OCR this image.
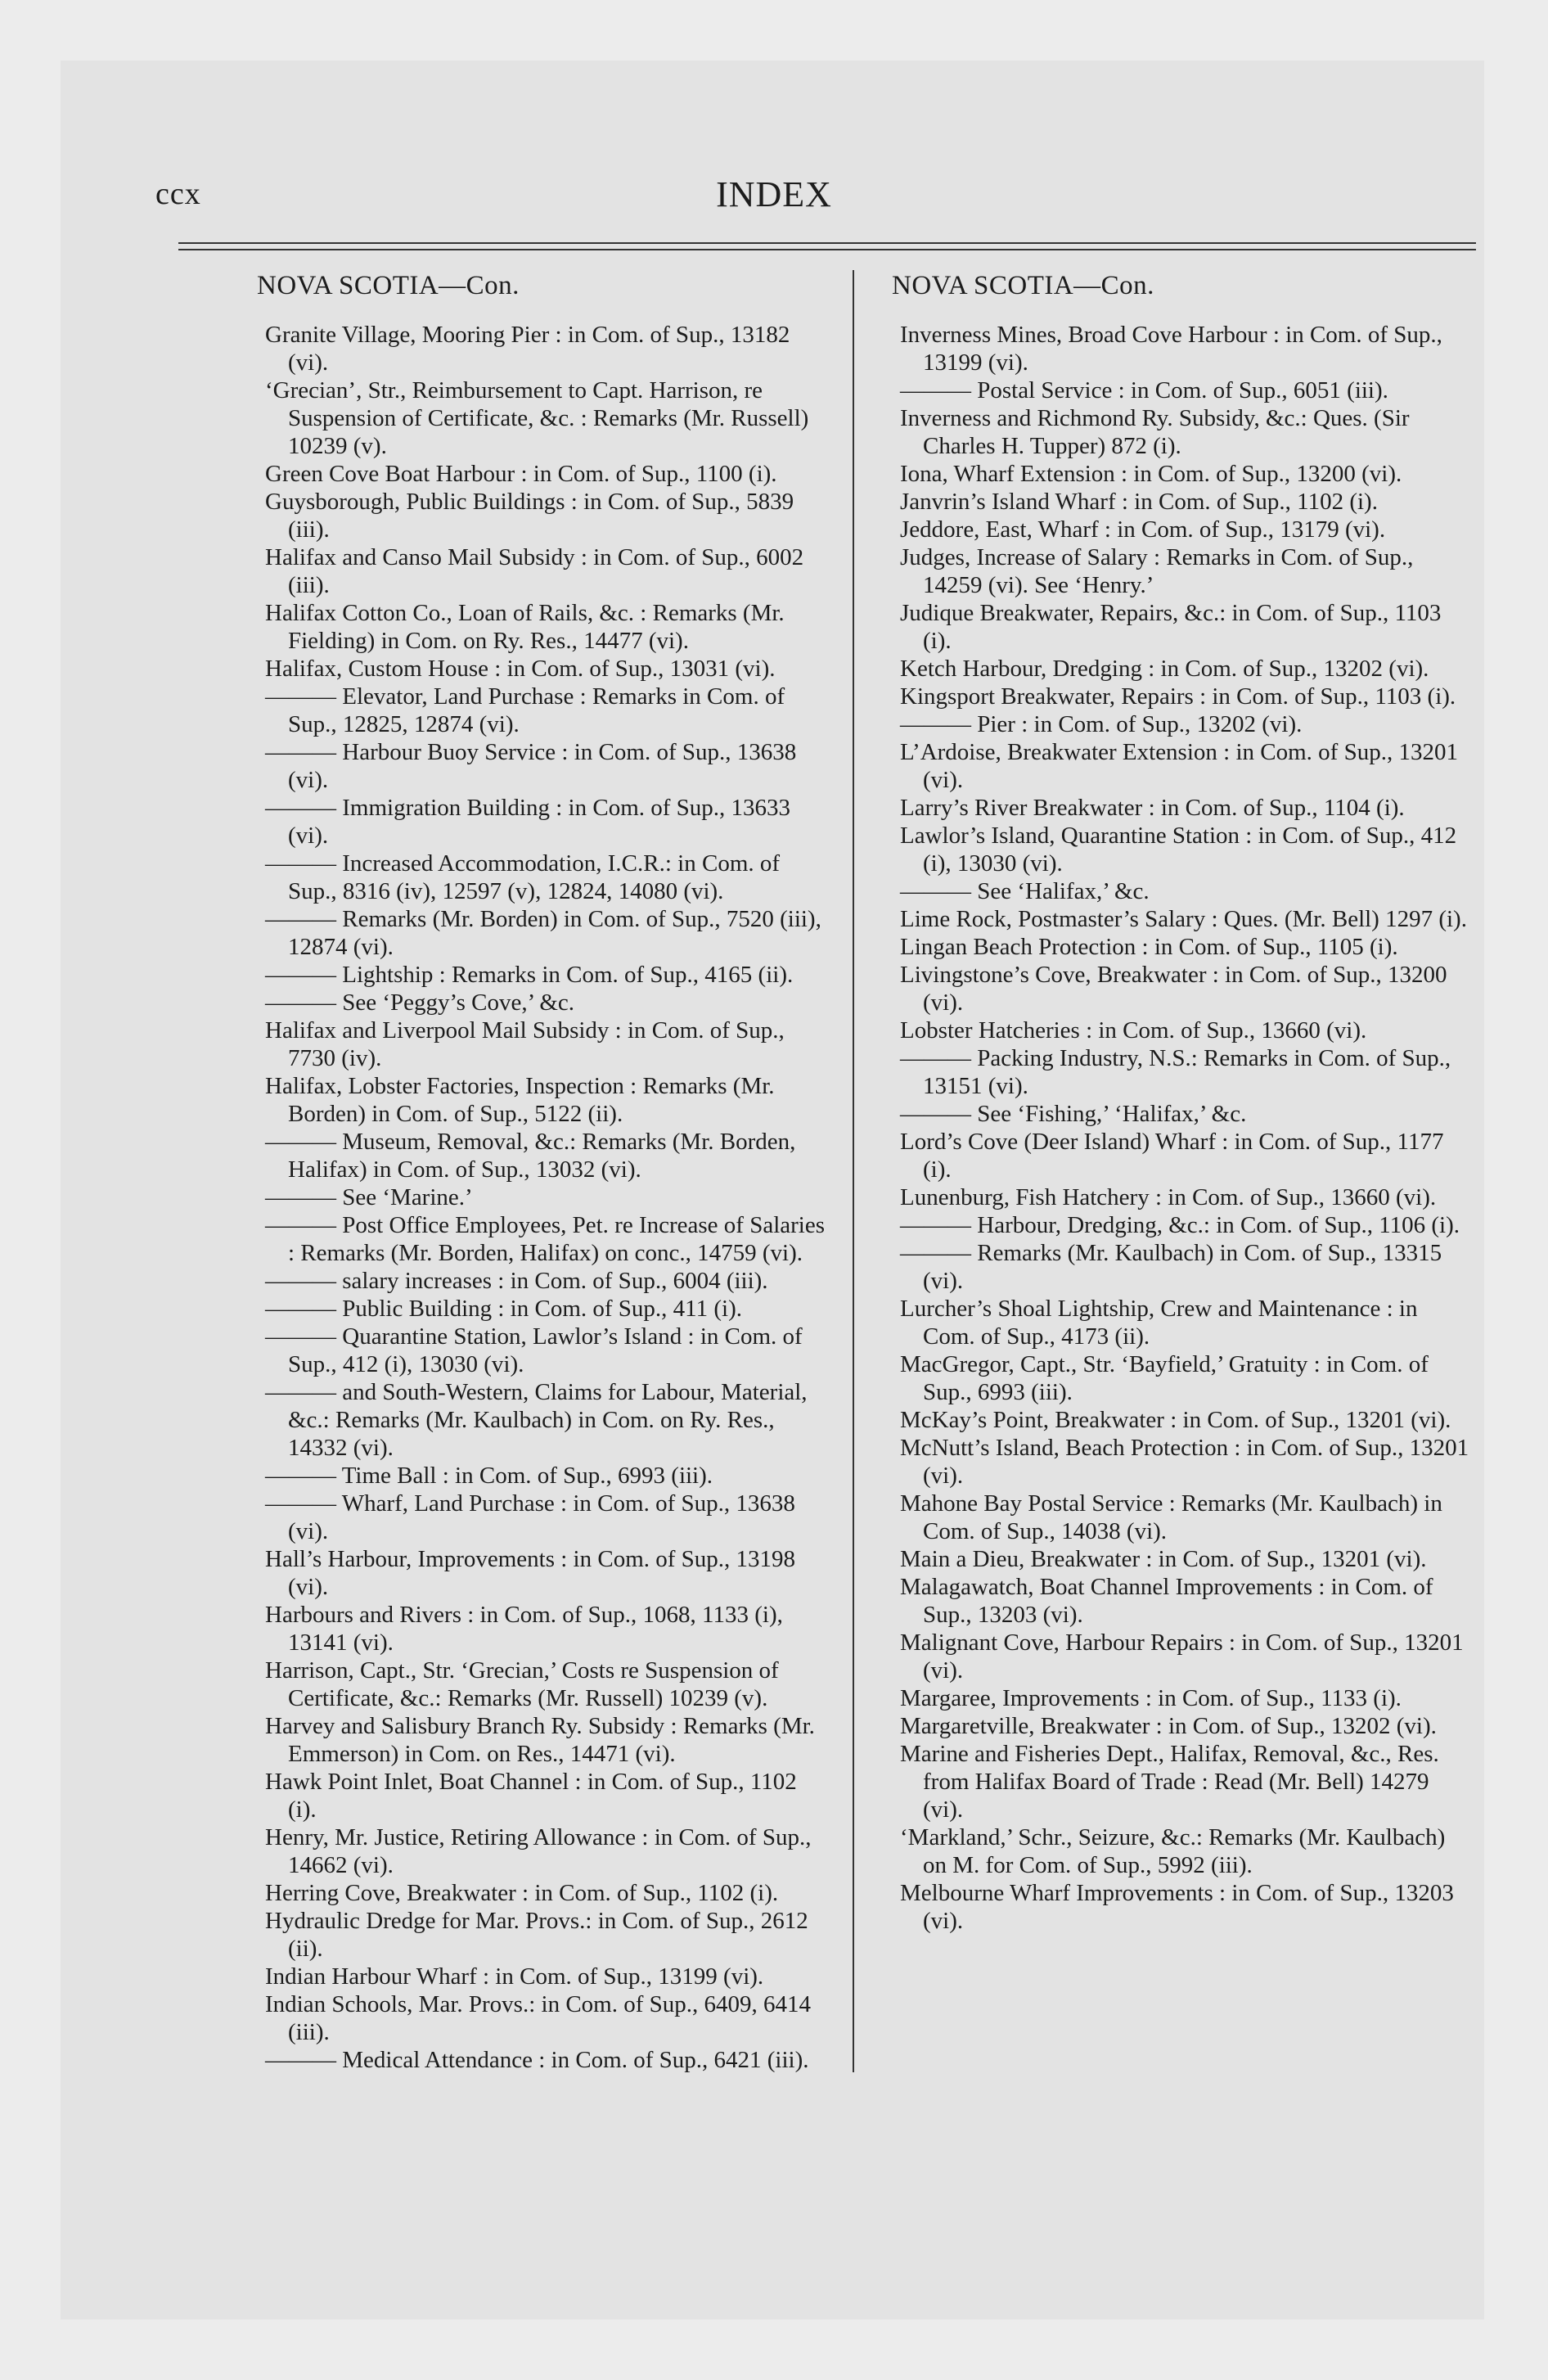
ccx	INDEX
NOVA SCOTIA—Con.

Granite Village, Mooring Pier : in Com. of Sup., 13182 (vi).

‘Grecian’, Str., Reimbursement to Capt. Harrison, re Suspension of Certificate, &c. : Remarks (Mr. Russell) 10239 (v).

Green Cove Boat Harbour : in Com. of Sup., 1100 (i).

Guysborough, Public Buildings : in Com. of Sup., 5839 (iii).

Halifax and Canso Mail Subsidy : in Com. of Sup., 6002 (iii).

Halifax Cotton Co., Loan of Rails, &c. : Remarks (Mr. Fielding) in Com. on Ry. Res., 14477 (vi).

Halifax, Custom House : in Com. of Sup., 13031 (vi).

——— Elevator, Land Purchase : Remarks in Com. of Sup., 12825, 12874 (vi).

——— Harbour Buoy Service : in Com. of Sup., 13638 (vi).

——— Immigration Building : in Com. of Sup., 13633 (vi).

——— Increased Accommodation, I.C.R.: in Com. of Sup., 8316 (iv), 12597 (v), 12824, 14080 (vi).

——— Remarks (Mr. Borden) in Com. of Sup., 7520 (iii), 12874 (vi).

——— Lightship : Remarks in Com. of Sup., 4165 (ii).

——— See ‘Peggy’s Cove,’ &c.

Halifax and Liverpool Mail Subsidy : in Com. of Sup., 7730 (iv).

Halifax, Lobster Factories, Inspection : Remarks (Mr. Borden) in Com. of Sup., 5122 (ii).

——— Museum, Removal, &c.: Remarks (Mr. Borden, Halifax) in Com. of Sup., 13032 (vi).

——— See ‘Marine.’

——— Post Office Employees, Pet. re Increase of Salaries : Remarks (Mr. Borden, Halifax) on conc., 14759 (vi).

——— salary increases : in Com. of Sup., 6004 (iii).

——— Public Building : in Com. of Sup., 411 (i).

——— Quarantine Station, Lawlor’s Island : in Com. of Sup., 412 (i), 13030 (vi).

——— and South-Western, Claims for Labour, Material, &c.: Remarks (Mr. Kaulbach) in Com. on Ry. Res., 14332 (vi).

——— Time Ball : in Com. of Sup., 6993 (iii).

——— Wharf, Land Purchase : in Com. of Sup., 13638 (vi).

Hall’s Harbour, Improvements : in Com. of Sup., 13198 (vi).

Harbours and Rivers : in Com. of Sup., 1068, 1133 (i), 13141 (vi).

Harrison, Capt., Str. ‘Grecian,’ Costs re Suspension of Certificate, &c.: Remarks (Mr. Russell) 10239 (v).

Harvey and Salisbury Branch Ry. Subsidy : Remarks (Mr. Emmerson) in Com. on Res., 14471 (vi).

Hawk Point Inlet, Boat Channel : in Com. of Sup., 1102 (i).

Henry, Mr. Justice, Retiring Allowance : in Com. of Sup., 14662 (vi).

Herring Cove, Breakwater : in Com. of Sup., 1102 (i).

Hydraulic Dredge for Mar. Provs.: in Com. of Sup., 2612 (ii).

Indian Harbour Wharf : in Com. of Sup., 13199 (vi).

Indian Schools, Mar. Provs.: in Com. of Sup., 6409, 6414 (iii).

——— Medical Attendance : in Com. of Sup., 6421 (iii).

NOVA SCOTIA—Con.

Inverness Mines, Broad Cove Harbour : in Com. of Sup., 13199 (vi).

——— Postal Service : in Com. of Sup., 6051 (iii).

Inverness and Richmond Ry. Subsidy, &c.: Ques. (Sir Charles H. Tupper) 872 (i).

Iona, Wharf Extension : in Com. of Sup., 13200 (vi).

Janvrin’s Island Wharf : in Com. of Sup., 1102 (i).

Jeddore, East, Wharf : in Com. of Sup., 13179 (vi).

Judges, Increase of Salary : Remarks in Com. of Sup., 14259 (vi). See ‘Henry.’

Judique Breakwater, Repairs, &c.: in Com. of Sup., 1103 (i).

Ketch Harbour, Dredging : in Com. of Sup., 13202 (vi).

Kingsport Breakwater, Repairs : in Com. of Sup., 1103 (i).

——— Pier : in Com. of Sup., 13202 (vi).

L’Ardoise, Breakwater Extension : in Com. of Sup., 13201 (vi).

Larry’s River Breakwater : in Com. of Sup., 1104 (i).

Lawlor’s Island, Quarantine Station : in Com. of Sup., 412 (i), 13030 (vi).

——— See ‘Halifax,’ &c.

Lime Rock, Postmaster’s Salary : Ques. (Mr. Bell) 1297 (i).

Lingan Beach Protection : in Com. of Sup., 1105 (i).

Livingstone’s Cove, Breakwater : in Com. of Sup., 13200 (vi).

Lobster Hatcheries : in Com. of Sup., 13660 (vi).

——— Packing Industry, N.S.: Remarks in Com. of Sup., 13151 (vi).

——— See ‘Fishing,’ ‘Halifax,’ &c.

Lord’s Cove (Deer Island) Wharf : in Com. of Sup., 1177 (i).

Lunenburg, Fish Hatchery : in Com. of Sup., 13660 (vi).

——— Harbour, Dredging, &c.: in Com. of Sup., 1106 (i).

——— Remarks (Mr. Kaulbach) in Com. of Sup., 13315 (vi).

Lurcher’s Shoal Lightship, Crew and Maintenance : in Com. of Sup., 4173 (ii).

MacGregor, Capt., Str. ‘Bayfield,’ Gratuity : in Com. of Sup., 6993 (iii).

McKay’s Point, Breakwater : in Com. of Sup., 13201 (vi).

McNutt’s Island, Beach Protection : in Com. of Sup., 13201 (vi).

Mahone Bay Postal Service : Remarks (Mr. Kaulbach) in Com. of Sup., 14038 (vi).

Main a Dieu, Breakwater : in Com. of Sup., 13201 (vi).

Malagawatch, Boat Channel Improvements : in Com. of Sup., 13203 (vi).

Malignant Cove, Harbour Repairs : in Com. of Sup., 13201 (vi).

Margaree, Improvements : in Com. of Sup., 1133 (i).

Margaretville, Breakwater : in Com. of Sup., 13202 (vi).

Marine and Fisheries Dept., Halifax, Removal, &c., Res. from Halifax Board of Trade : Read (Mr. Bell) 14279 (vi).

‘Markland,’ Schr., Seizure, &c.: Remarks (Mr. Kaulbach) on M. for Com. of Sup., 5992 (iii).

Melbourne Wharf Improvements : in Com. of Sup., 13203 (vi).
